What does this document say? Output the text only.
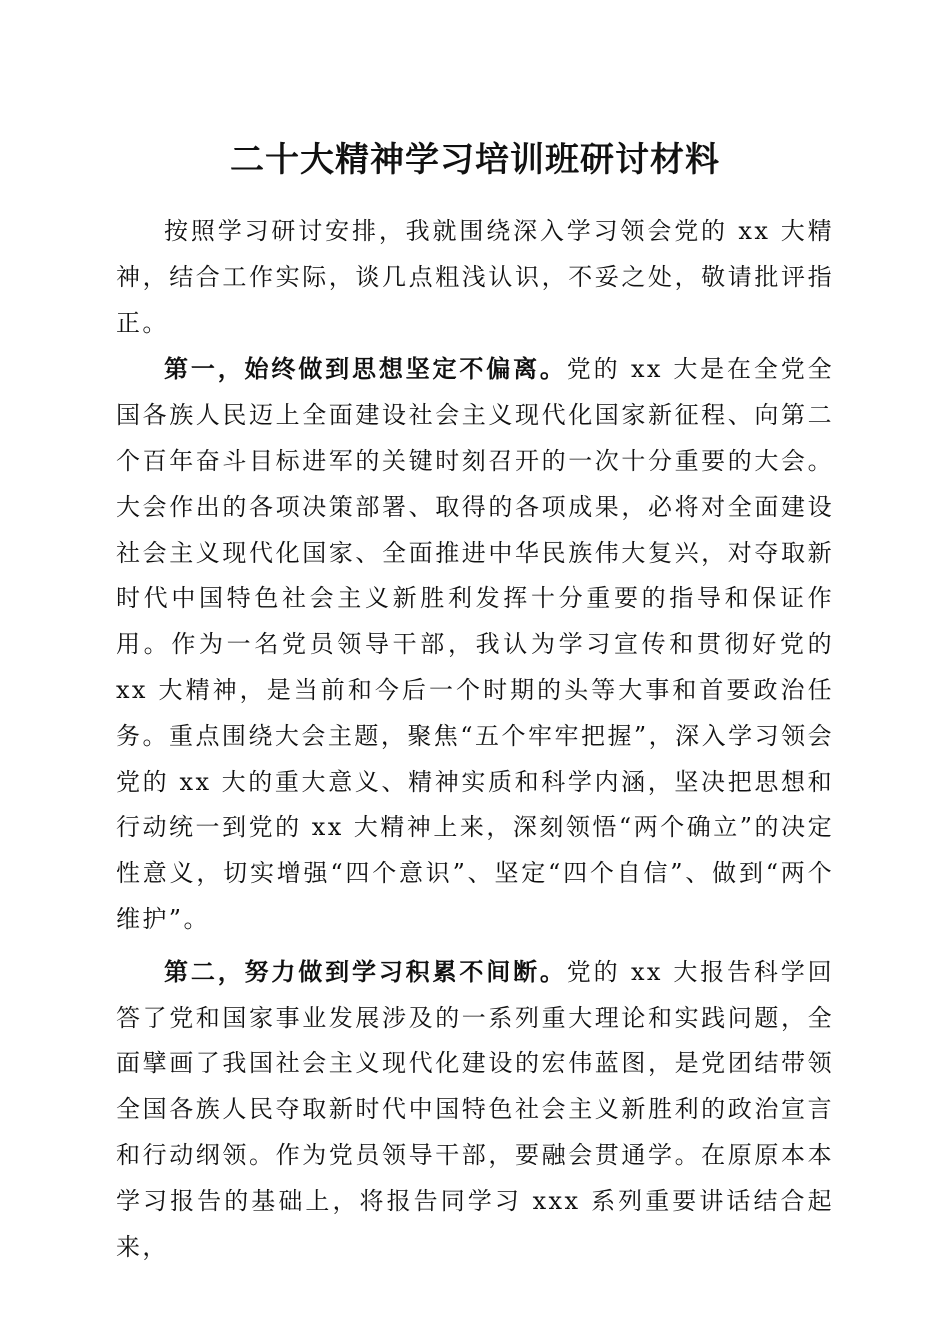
二十大精神学习培训班研讨材料

按照学习研讨安排，我就围绕深入学习领会党的 xx 大精神，结合工作实际，谈几点粗浅认识，不妥之处，敬请批评指正。

第一，始终做到思想坚定不偏离。党的 xx 大是在全党全国各族人民迈上全面建设社会主义现代化国家新征程、向第二个百年奋斗目标进军的关键时刻召开的一次十分重要的大会。大会作出的各项决策部署、取得的各项成果，必将对全面建设社会主义现代化国家、全面推进中华民族伟大复兴，对夺取新时代中国特色社会主义新胜利发挥十分重要的指导和保证作用。作为一名党员领导干部，我认为学习宣传和贯彻好党的 xx 大精神，是当前和今后一个时期的头等大事和首要政治任务。重点围绕大会主题，聚焦“五个牢牢把握”，深入学习领会党的 xx 大的重大意义、精神实质和科学内涵，坚决把思想和行动统一到党的 xx 大精神上来，深刻领悟“两个确立”的决定性意义，切实增强“四个意识”、坚定“四个自信”、做到“两个维护”。

第二，努力做到学习积累不间断。党的 xx 大报告科学回答了党和国家事业发展涉及的一系列重大理论和实践问题，全面擘画了我国社会主义现代化建设的宏伟蓝图，是党团结带领全国各族人民夺取新时代中国特色社会主义新胜利的政治宣言和行动纲领。作为党员领导干部，要融会贯通学。在原原本本学习报告的基础上，将报告同学习 xxx 系列重要讲话结合起来，
